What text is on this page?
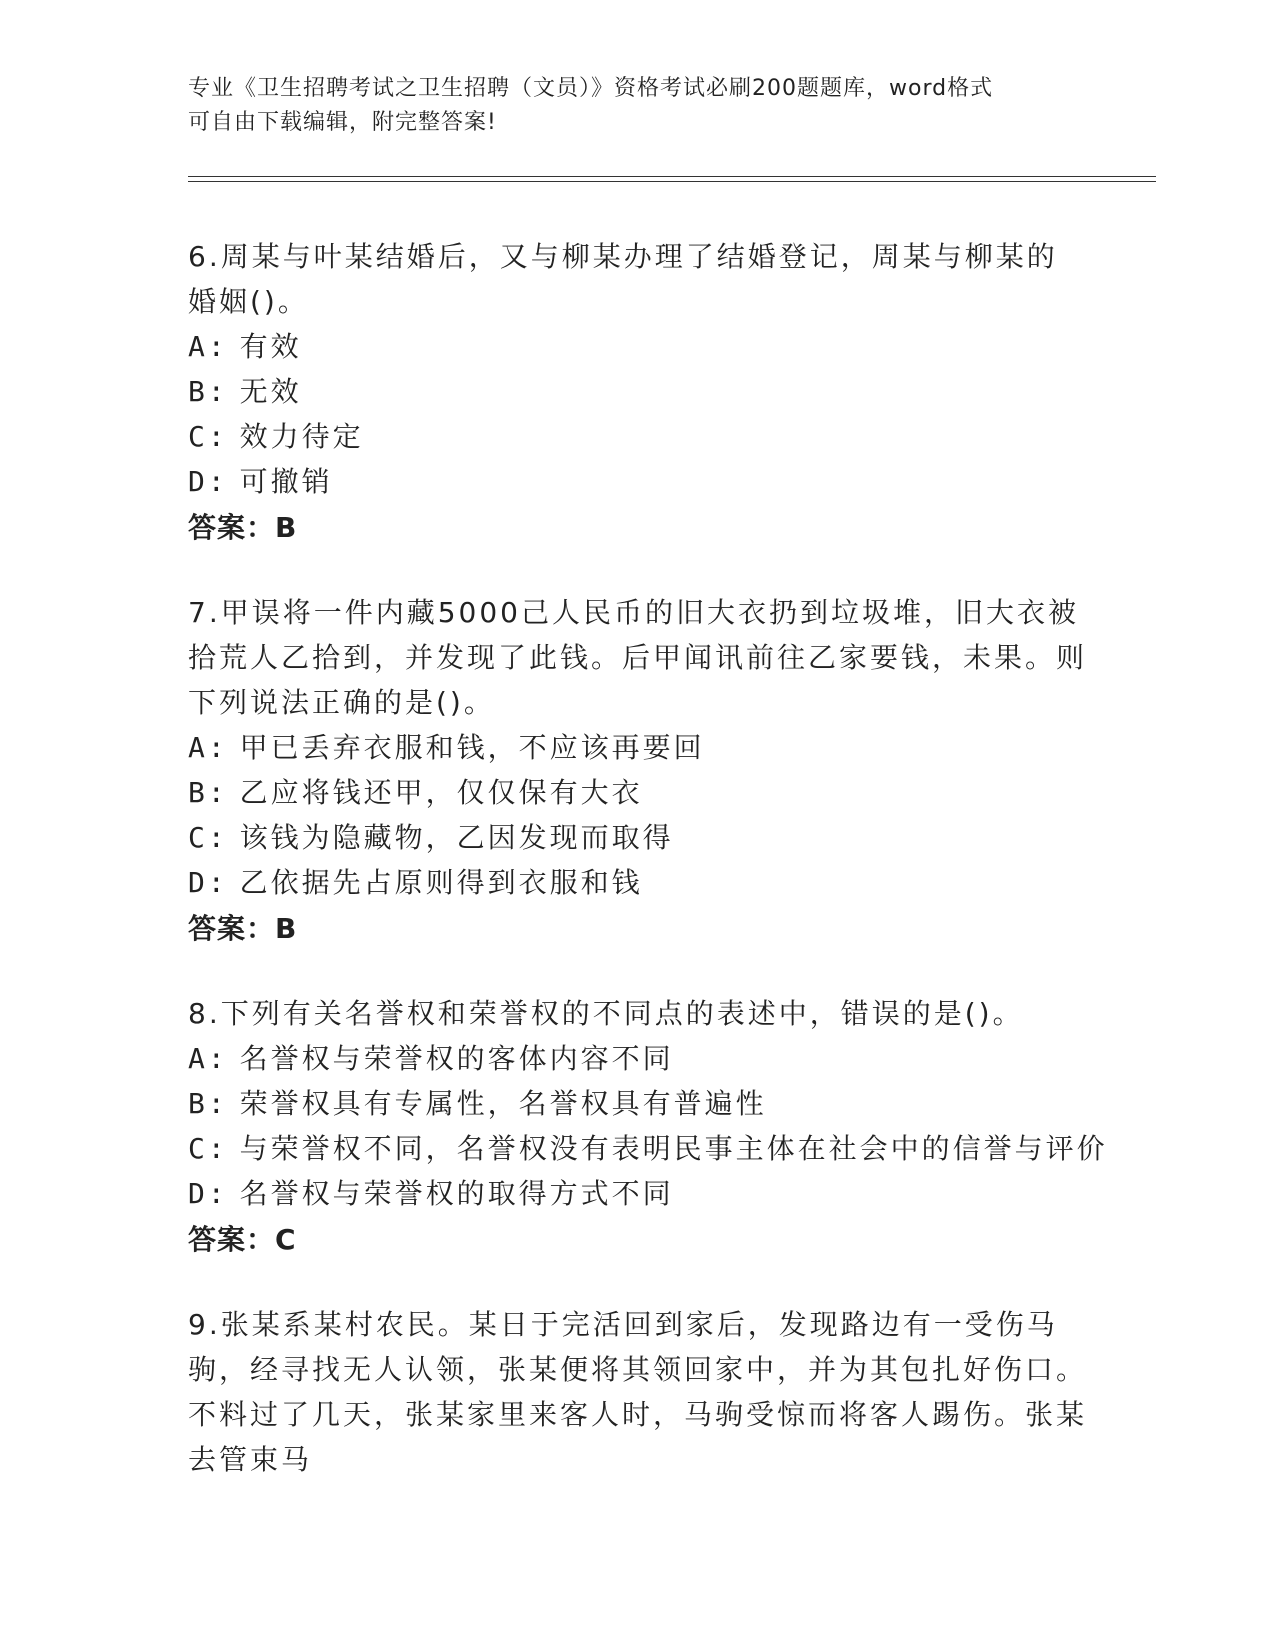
专业《卫生招聘考试之卫生招聘（文员）》资格考试必刷200题题库，word格式
可自由下载编辑，附完整答案!

6.周某与叶某结婚后，又与柳某办理了结婚登记，周某与柳某的婚姻()。

A: 有效

B: 无效

C: 效力待定

D: 可撤销

答案：B

7.甲误将一件内藏5000己人民币的旧大衣扔到垃圾堆，旧大衣被拾荒人乙拾到，并发现了此钱。后甲闻讯前往乙家要钱，未果。则下列说法正确的是()。

A: 甲已丢弃衣服和钱，不应该再要回

B: 乙应将钱还甲，仅仅保有大衣

C: 该钱为隐藏物，乙因发现而取得

D: 乙依据先占原则得到衣服和钱

答案：B

8.下列有关名誉权和荣誉权的不同点的表述中，错误的是()。

A: 名誉权与荣誉权的客体内容不同

B: 荣誉权具有专属性，名誉权具有普遍性

C: 与荣誉权不同，名誉权没有表明民事主体在社会中的信誉与评价

D: 名誉权与荣誉权的取得方式不同

答案：C

9.张某系某村农民。某日于完活回到家后，发现路边有一受伤马驹，经寻找无人认领，张某便将其领回家中，并为其包扎好伤口。不料过了几天，张某家里来客人时，马驹受惊而将客人踢伤。张某去管束马
